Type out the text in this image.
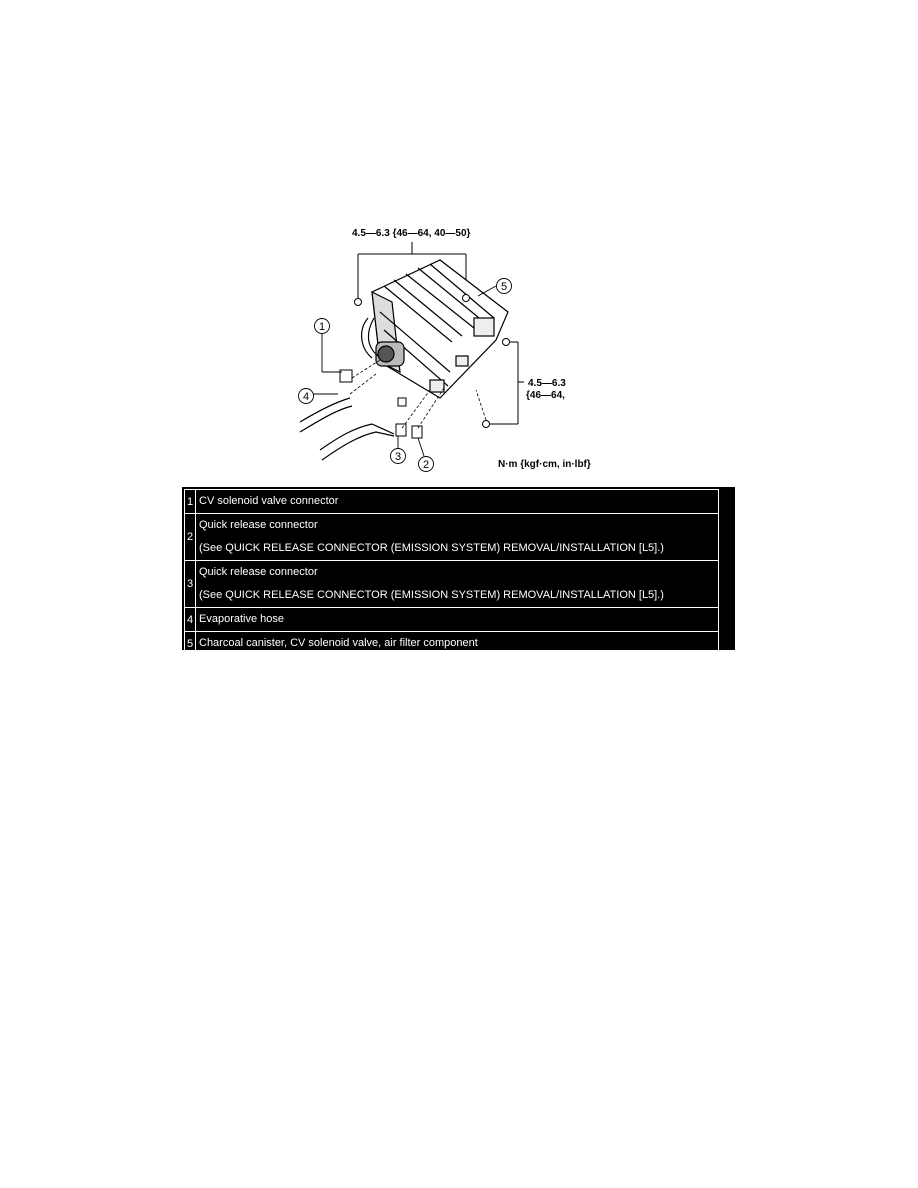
4.5—6.3 {46—64, 40—50}
1
4
3
2
5
4.5—6.3
{46—64,
N·m {kgf·cm, in·lbf}
1	CV solenoid valve connector

2	Quick release connector
(See QUICK RELEASE CONNECTOR (EMISSION SYSTEM) REMOVAL/INSTALLATION [L5].)

3	Quick release connector
(See QUICK RELEASE CONNECTOR (EMISSION SYSTEM) REMOVAL/INSTALLATION [L5].)

4	Evaporative hose

5	Charcoal canister, CV solenoid valve, air filter component
